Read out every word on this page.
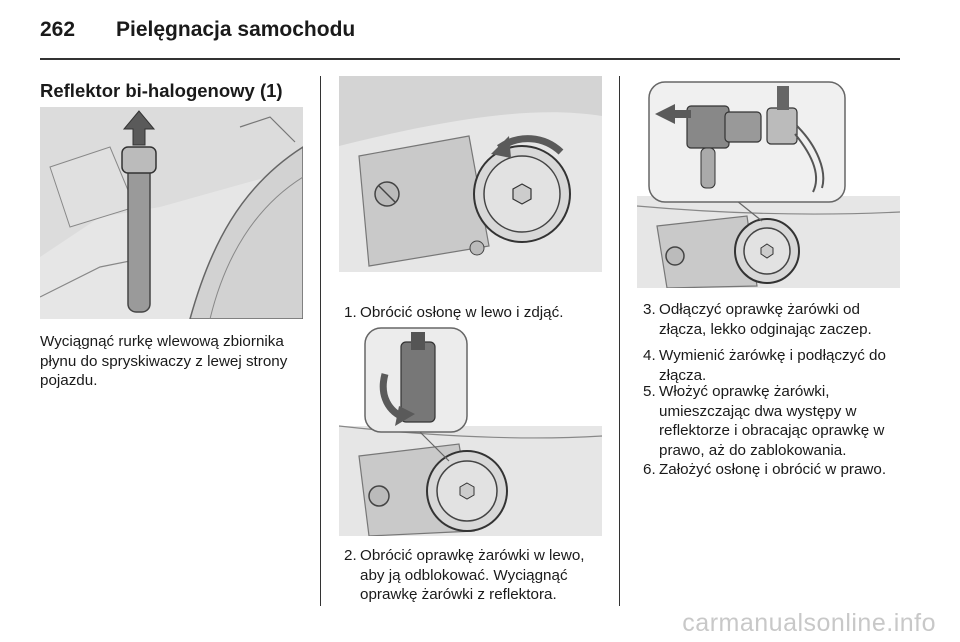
262 Pielęgnacja samochodu
Reflektor bi-halogenowy (1)

Wyciągnąć rurkę wlewową zbiornika płynu do spryskiwaczy z lewej strony pojazdu.

1. Obrócić osłonę w lewo i zdjąć.
2. Obrócić oprawkę żarówki w lewo, aby ją odblokować. Wyciągnąć oprawkę żarówki z reflektora.
3. Odłączyć oprawkę żarówki od złącza, lekko odginając zaczep.
4. Wymienić żarówkę i podłączyć do złącza.
5. Włożyć oprawkę żarówki, umieszczając dwa występy w reflektorze i obracając oprawkę w prawo, aż do zablokowania.
6. Założyć osłonę i obrócić w prawo.
carmanualsonline.info
